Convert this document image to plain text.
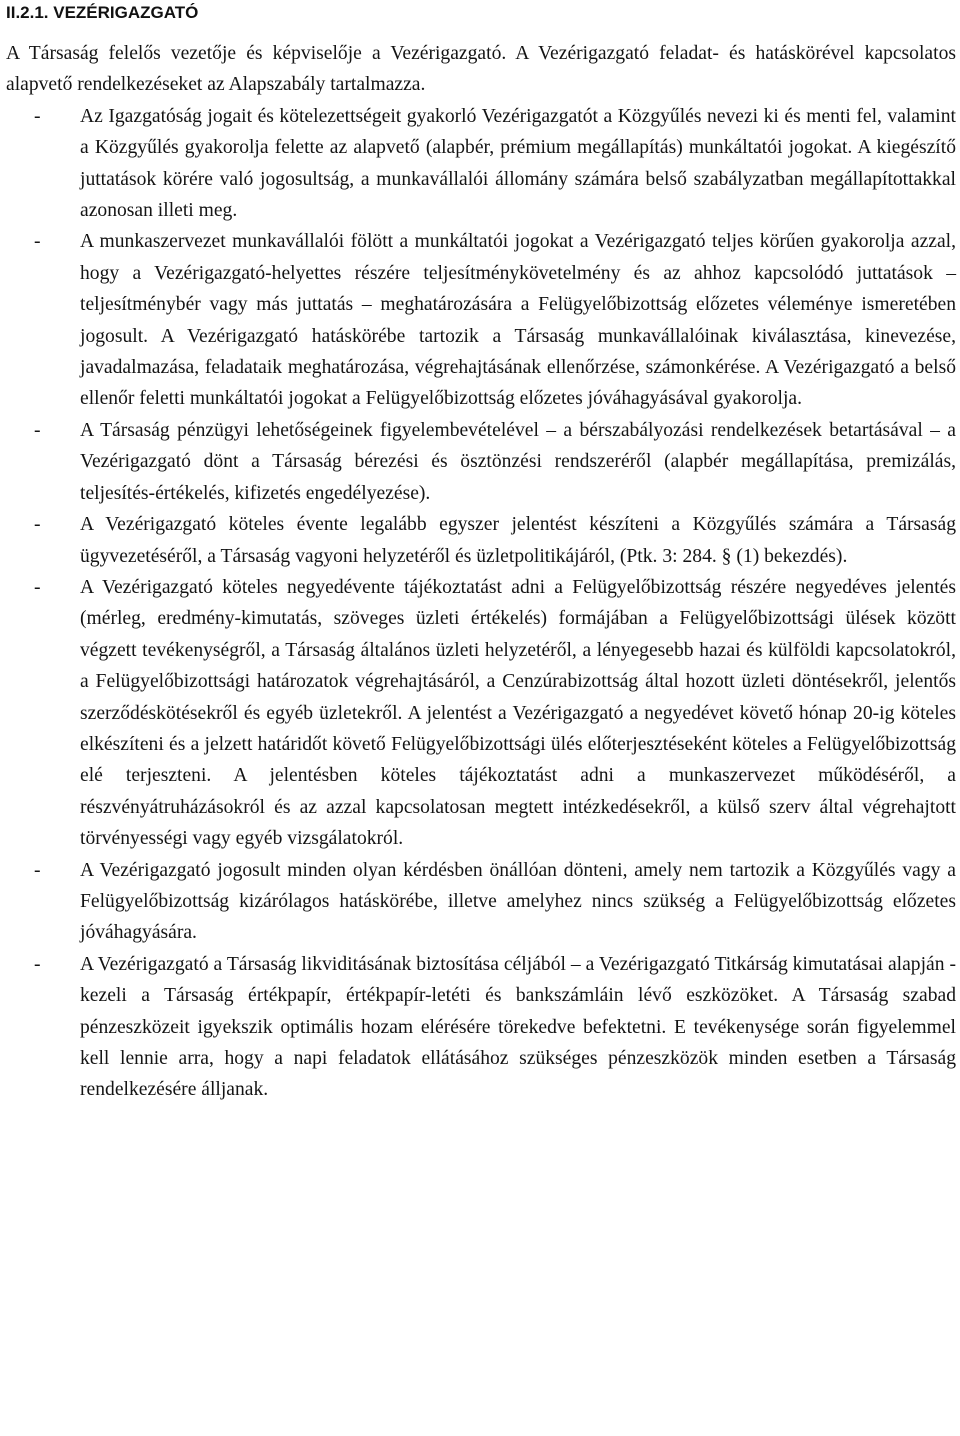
II.2.1. VEZÉRIGAZGATÓ

A Társaság felelős vezetője és képviselője a Vezérigazgató. A Vezérigazgató feladat- és hatáskörével kapcsolatos alapvető rendelkezéseket az Alapszabály tartalmazza.

-	Az Igazgatóság jogait és kötelezettségeit gyakorló Vezérigazgatót a Közgyűlés nevezi ki és menti fel, valamint a Közgyűlés gyakorolja felette az alapvető (alapbér, prémium megállapítás) munkáltatói jogokat. A kiegészítő juttatások körére való jogosultság, a munkavállalói állomány számára belső szabályzatban megállapítottakkal azonosan illeti meg.

-	A munkaszervezet munkavállalói fölött a munkáltatói jogokat a Vezérigazgató teljes körűen gyakorolja azzal, hogy a Vezérigazgató-helyettes részére teljesítménykövetelmény és az ahhoz kapcsolódó juttatások – teljesítménybér vagy más juttatás – meghatározására a Felügyelőbizottság előzetes véleménye ismeretében jogosult. A Vezérigazgató hatáskörébe tartozik a Társaság munkavállalóinak kiválasztása, kinevezése, javadalmazása, feladataik meghatározása, végrehajtásának ellenőrzése, számonkérése. A Vezérigazgató a belső ellenőr feletti munkáltatói jogokat a Felügyelőbizottság előzetes jóváhagyásával gyakorolja.

-	A Társaság pénzügyi lehetőségeinek figyelembevételével – a bérszabályozási rendelkezések betartásával – a Vezérigazgató dönt a Társaság bérezési és ösztönzési rendszeréről (alapbér megállapítása, premizálás, teljesítés-értékelés, kifizetés engedélyezése).

-	A Vezérigazgató köteles évente legalább egyszer jelentést készíteni a Közgyűlés számára a Társaság ügyvezetéséről, a Társaság vagyoni helyzetéről és üzletpolitikájáról, (Ptk. 3: 284. § (1) bekezdés).

-	A Vezérigazgató köteles negyedévente tájékoztatást adni a Felügyelőbizottság részére negyedéves jelentés (mérleg, eredmény-kimutatás, szöveges üzleti értékelés) formájában a Felügyelőbizottsági ülések között végzett tevékenységről, a Társaság általános üzleti helyzetéről, a lényegesebb hazai és külföldi kapcsolatokról, a Felügyelőbizottsági határozatok végrehajtásáról, a Cenzúrabizottság által hozott üzleti döntésekről, jelentős szerződéskötésekről és egyéb üzletekről. A jelentést a Vezérigazgató a negyedévet követő hónap 20-ig köteles elkészíteni és a jelzett határidőt követő Felügyelőbizottsági ülés előterjesztéseként köteles a Felügyelőbizottság elé terjeszteni. A jelentésben köteles tájékoztatást adni a munkaszervezet működéséről, a részvényátruházásokról és az azzal kapcsolatosan megtett intézkedésekről, a külső szerv által végrehajtott törvényességi vagy egyéb vizsgálatokról.

-	A Vezérigazgató jogosult minden olyan kérdésben önállóan dönteni, amely nem tartozik a Közgyűlés vagy a Felügyelőbizottság kizárólagos hatáskörébe, illetve amelyhez nincs szükség a Felügyelőbizottság előzetes jóváhagyására.

-	A Vezérigazgató a Társaság likviditásának biztosítása céljából – a Vezérigazgató Titkárság kimutatásai alapján - kezeli a Társaság értékpapír, értékpapír-letéti és bankszámláin lévő eszközöket. A Társaság szabad pénzeszközeit igyekszik optimális hozam elérésére törekedve befektetni. E tevékenysége során figyelemmel kell lennie arra, hogy a napi feladatok ellátásához szükséges pénzeszközök minden esetben a Társaság rendelkezésére álljanak.
